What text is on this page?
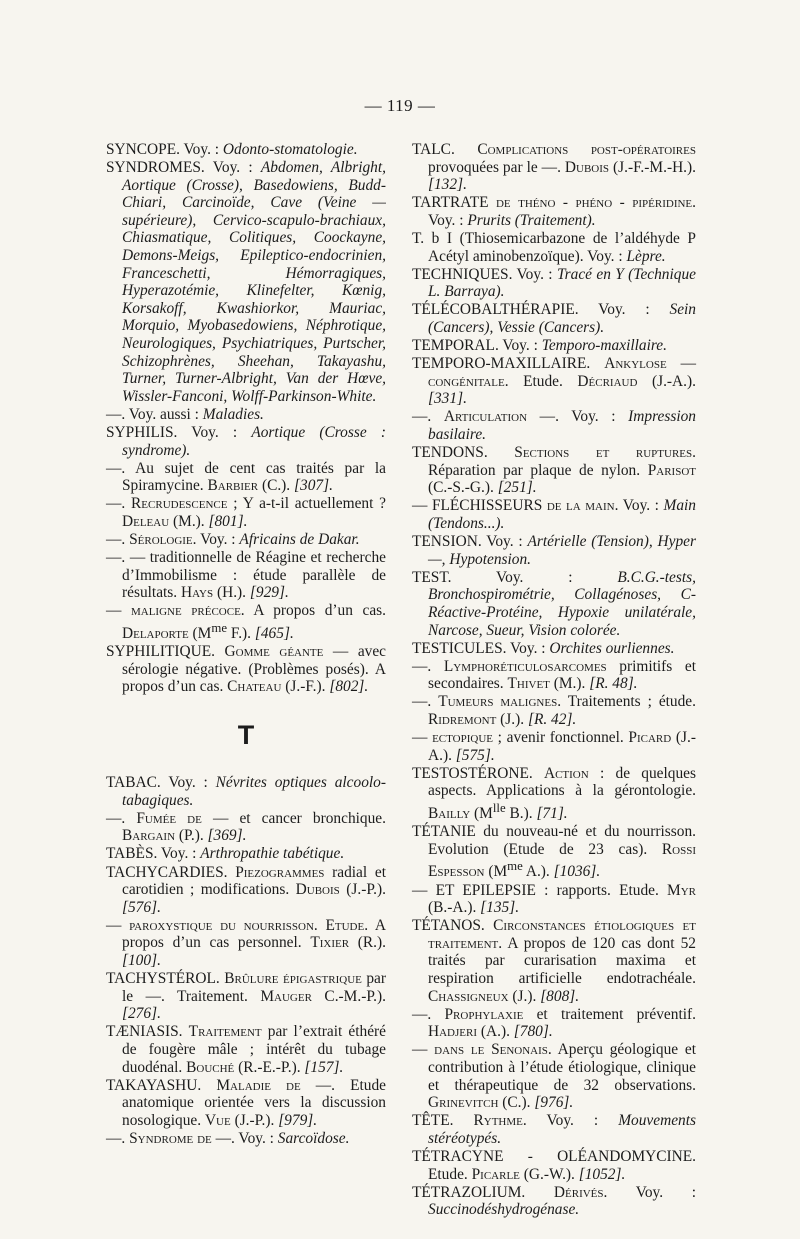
— 119 —

SYNCOPE. Voy. : Odonto-stomatologie.

SYNDROMES. Voy. : Abdomen, Albright, Aortique (Crosse), Basedowiens, Budd-Chiari, Carcinoïde, Cave (Veine — supérieure), Cervico-scapulo-brachiaux, Chiasmatique, Colitiques, Coockayne, Demons-Meigs, Epileptico-endocrinien, Franceschetti, Hémorragiques, Hyperazotémie, Klinefelter, Kœnig, Korsakoff, Kwashiorkor, Mauriac, Morquio, Myobasedowiens, Néphrotique, Neurologiques, Psychiatriques, Purtscher, Schizophrènes, Sheehan, Takayashu, Turner, Turner-Albright, Van der Hœve, Wissler-Fanconi, Wolff-Parkinson-White.

—. Voy. aussi : Maladies.

SYPHILIS. Voy. : Aortique (Crosse : syndrome).

—. Au sujet de cent cas traités par la Spiramycine. Barbier (C.). [307].

—. Recrudescence ; Y a-t-il actuellement ? Deleau (M.). [801].

—. Sérologie. Voy. : Africains de Dakar.

—. — traditionnelle de Réagine et recherche d’Immobilisme : étude parallèle de résultats. Hays (H.). [929].

— maligne précoce. A propos d’un cas. Delaporte ($M^{me}$ F.). [465].

SYPHILITIQUE. Gomme géante — avec sérologie négative. (Problèmes posés). A propos d’un cas. Chateau (J.-F.). [802].

T

TABAC. Voy. : Névrites optiques alcoolo-tabagiques.

—. Fumée de — et cancer bronchique. Bargain (P.). [369].

TABÈS. Voy. : Arthropathie tabétique.

TACHYCARDIES. Piezogrammes radial et carotidien ; modifications. Dubois (J.-P.). [576].

— paroxystique du nourrisson. Etude. A propos d’un cas personnel. Tixier (R.). [100].

TACHYSTÉROL. Brûlure épigastrique par le —. Traitement. Mauger C.-M.-P.). [276].

TÆNIASIS. Traitement par l’extrait éthéré de fougère mâle ; intérêt du tubage duodénal. Bouché (R.-E.-P.). [157].

TAKAYASHU. Maladie de —. Etude anatomique orientée vers la discussion nosologique. Vue (J.-P.). [979].

—. Syndrome de —. Voy. : Sarcoïdose.

TALC. Complications post-opératoires provoquées par le —. Dubois (J.-F.-M.-H.). [132].

TARTRATE de théno - phéno - pipéridine. Voy. : Prurits (Traitement).

T. b I (Thiosemicarbazone de l’aldéhyde P Acétyl aminobenzoïque). Voy. : Lèpre.

TECHNIQUES. Voy. : Tracé en Y (Technique L. Barraya).

TÉLÉCOBALTHÉRAPIE. Voy. : Sein (Cancers), Vessie (Cancers).

TEMPORAL. Voy. : Temporo-maxillaire.

TEMPORO-MAXILLAIRE. Ankylose — congénitale. Etude. Décriaud (J.-A.). [331].

—. Articulation —. Voy. : Impression basilaire.

TENDONS. Sections et ruptures. Réparation par plaque de nylon. Parisot (C.-S.-G.). [251].

— FLÉCHISSEURS de la main. Voy. : Main (Tendons...).

TENSION. Voy. : Artérielle (Tension), Hyper —, Hypotension.

TEST. Voy. : B.C.G.-tests, Bronchospirométrie, Collagénoses, C-Réactive-Protéine, Hypoxie unilatérale, Narcose, Sueur, Vision colorée.

TESTICULES. Voy. : Orchites ourliennes.

—. Lymphoréticulosarcomes primitifs et secondaires. Thivet (M.). [R. 48].

—. Tumeurs malignes. Traitements ; étude. Ridremont (J.). [R. 42].

— ectopique ; avenir fonctionnel. Picard (J.-A.). [575].

TESTOSTÉRONE. Action : de quelques aspects. Applications à la gérontologie. Bailly ($M^{lle}$ B.). [71].

TÉTANIE du nouveau-né et du nourrisson. Evolution (Etude de 23 cas). Rossi Espesson ($M^{me}$ A.). [1036].

— ET EPILEPSIE : rapports. Etude. Myr (B.-A.). [135].

TÉTANOS. Circonstances étiologiques et traitement. A propos de 120 cas dont 52 traités par curarisation maxima et respiration artificielle endotrachéale. Chassigneux (J.). [808].

—. Prophylaxie et traitement préventif. Hadjeri (A.). [780].

— dans le Senonais. Aperçu géologique et contribution à l’étude étiologique, clinique et thérapeutique de 32 observations. Grinevitch (C.). [976].

TÊTE. Rythme. Voy. : Mouvements stéréotypés.

TÉTRACYNE - OLÉANDOMYCINE. Etude. Picarle (G.-W.). [1052].

TÉTRAZOLIUM. Dérivés. Voy. : Succinodéshydrogénase.
